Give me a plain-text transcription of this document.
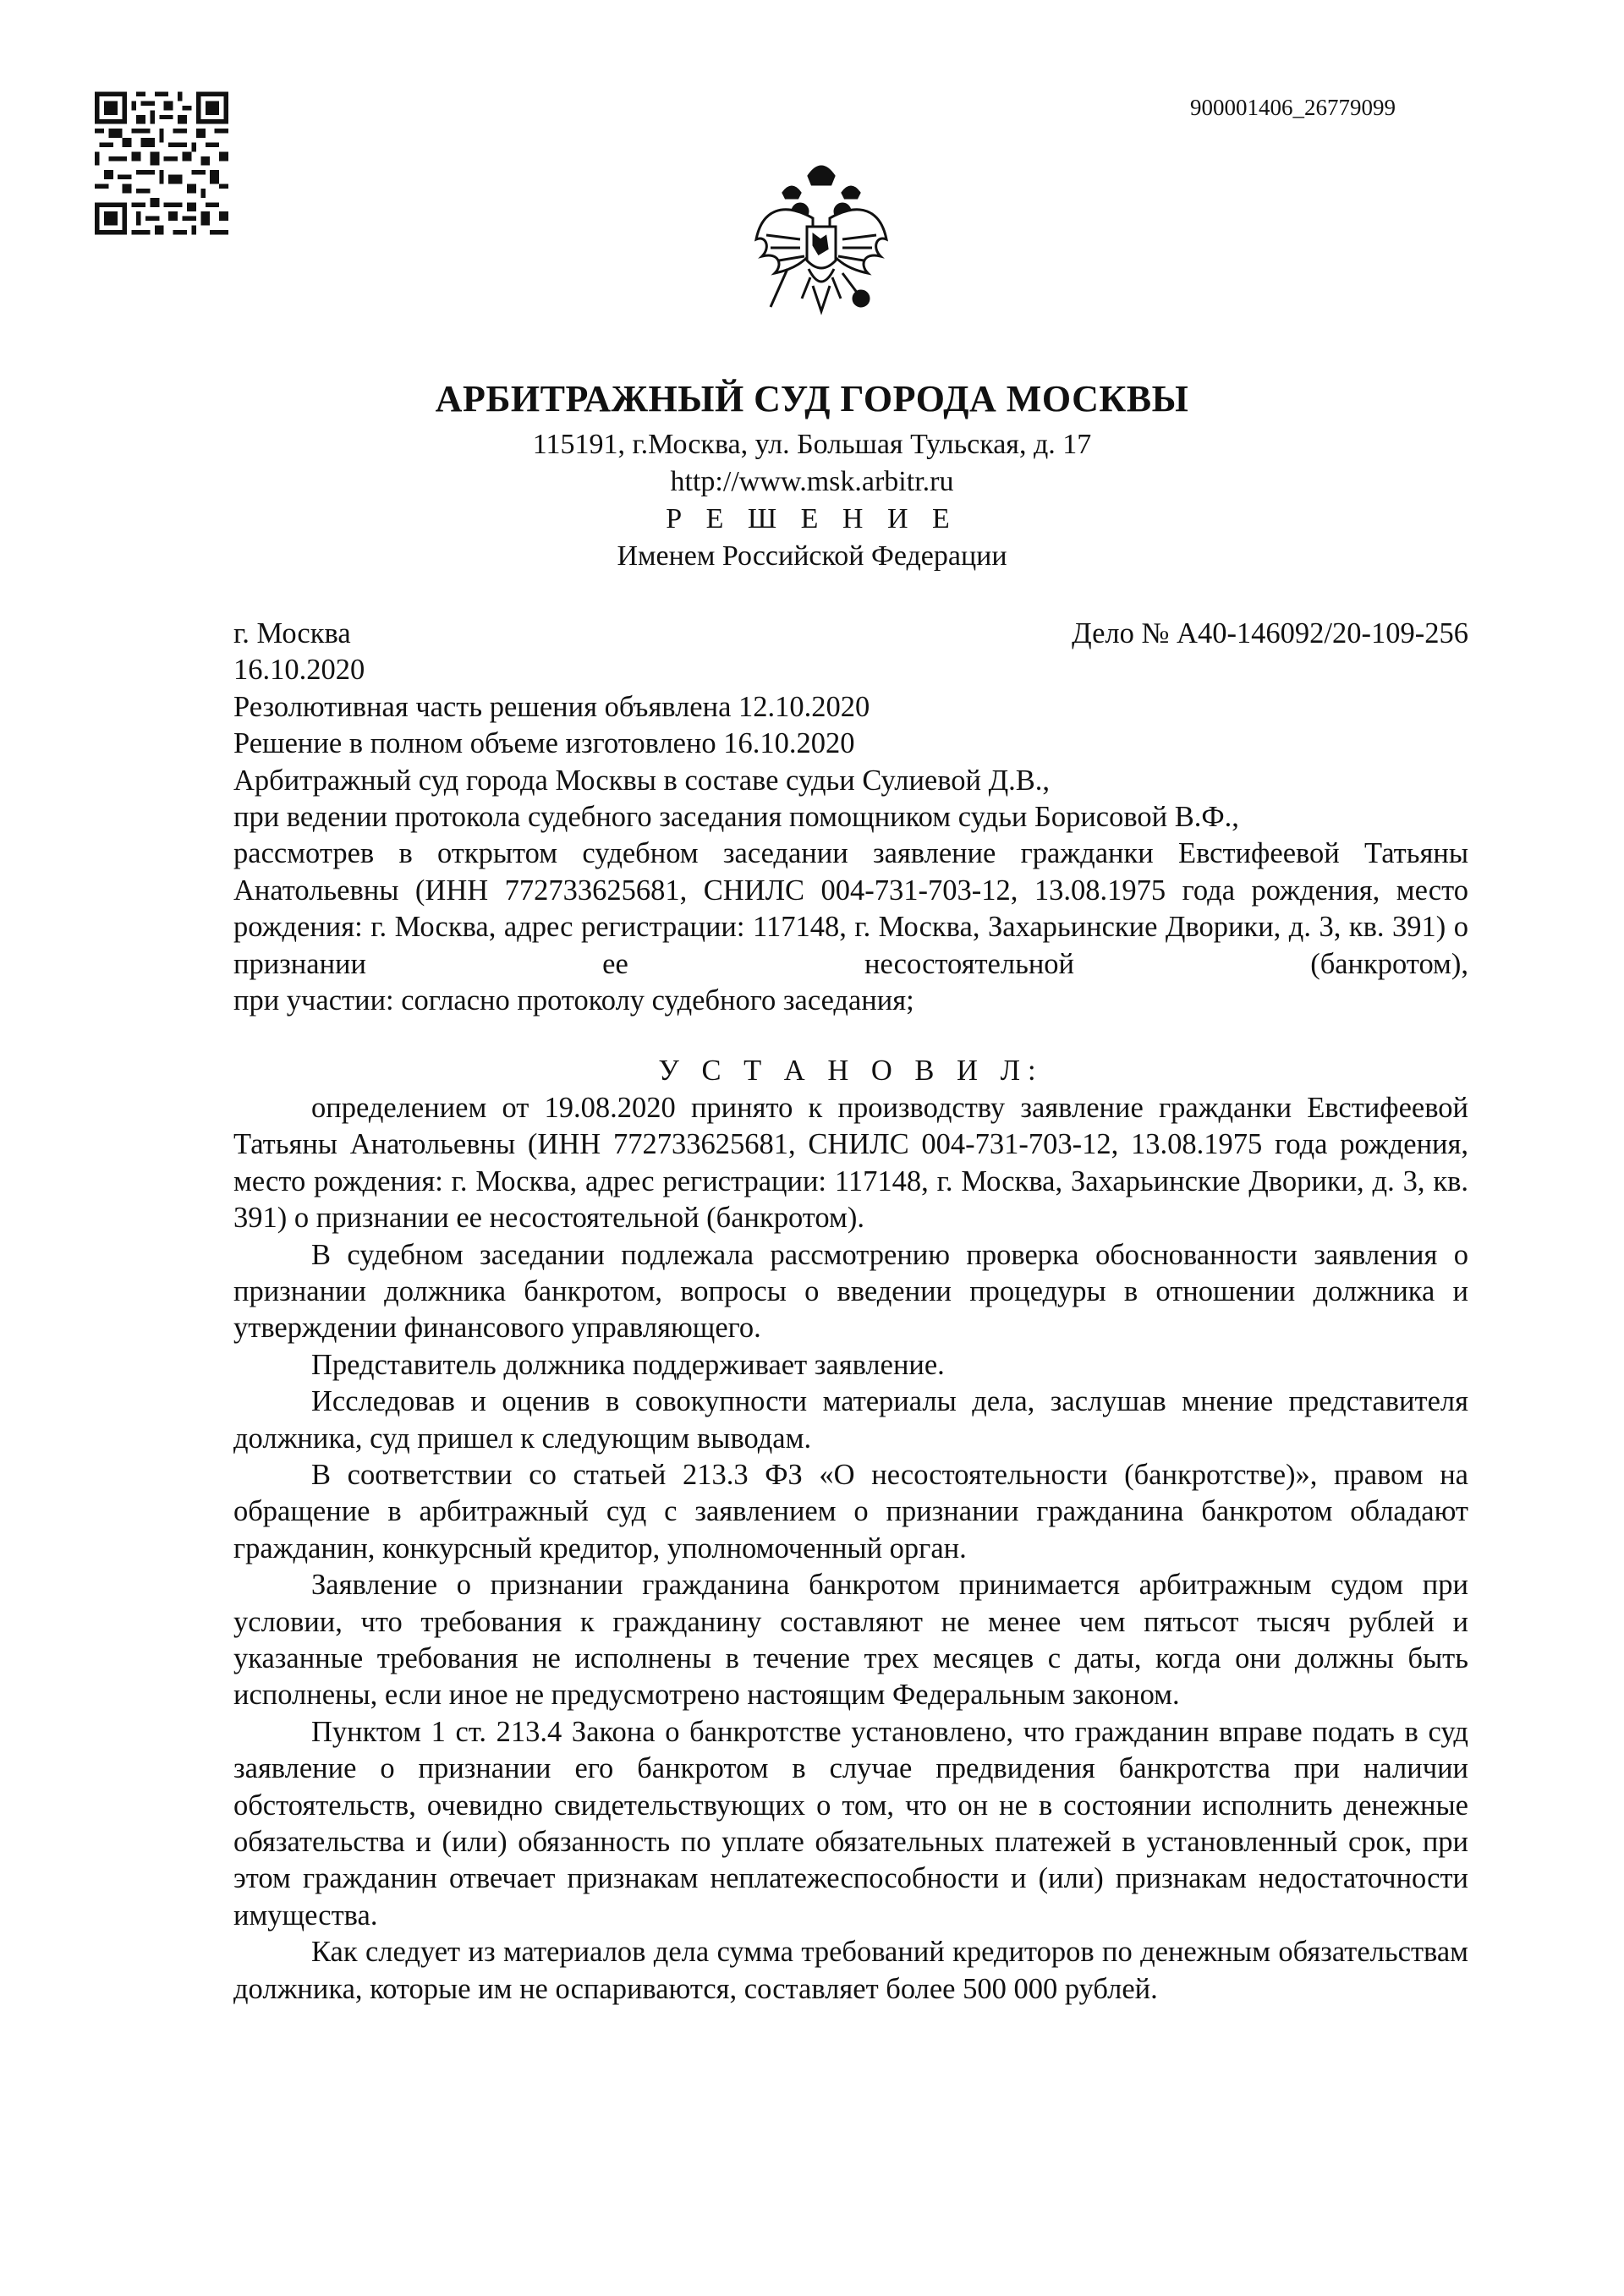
900001406_26779099
АРБИТРАЖНЫЙ СУД ГОРОДА МОСКВЫ
115191, г.Москва, ул. Большая Тульская, д. 17
http://www.msk.arbitr.ru
Р Е Ш Е Н И Е
Именем Российской Федерации
г. Москва	Дело № А40-146092/20-109-256
16.10.2020
Резолютивная часть решения объявлена 12.10.2020
Решение в полном объеме изготовлено 16.10.2020
Арбитражный суд города Москвы в составе судьи Сулиевой Д.В.,
при ведении протокола судебного заседания помощником судьи Борисовой В.Ф.,
рассмотрев в открытом судебном заседании заявление гражданки Евстифеевой Татьяны Анатольевны (ИНН 772733625681, СНИЛС 004-731-703-12, 13.08.1975 года рождения, место рождения: г. Москва, адрес регистрации: 117148, г. Москва, Захарьинские Дворики, д. 3, кв. 391) о признании ее несостоятельной (банкротом),
при участии: согласно протоколу судебного заседания;
У С Т А Н О В И Л:
определением от 19.08.2020 принято к производству заявление гражданки Евстифеевой Татьяны Анатольевны (ИНН 772733625681, СНИЛС 004-731-703-12, 13.08.1975 года рождения, место рождения: г. Москва, адрес регистрации: 117148, г. Москва, Захарьинские Дворики, д. 3, кв. 391) о признании ее несостоятельной (банкротом).
В судебном заседании подлежала рассмотрению проверка обоснованности заявления о признании должника банкротом, вопросы о введении процедуры в отношении должника и утверждении финансового управляющего.
Представитель должника поддерживает заявление.
Исследовав и оценив в совокупности материалы дела, заслушав мнение представителя должника, суд пришел к следующим выводам.
В соответствии со статьей 213.3 ФЗ «О несостоятельности (банкротстве)», правом на обращение в арбитражный суд с заявлением о признании гражданина банкротом обладают гражданин, конкурсный кредитор, уполномоченный орган.
Заявление о признании гражданина банкротом принимается арбитражным судом при условии, что требования к гражданину составляют не менее чем пятьсот тысяч рублей и указанные требования не исполнены в течение трех месяцев с даты, когда они должны быть исполнены, если иное не предусмотрено настоящим Федеральным законом.
Пунктом 1 ст. 213.4 Закона о банкротстве установлено, что гражданин вправе подать в суд заявление о признании его банкротом в случае предвидения банкротства при наличии обстоятельств, очевидно свидетельствующих о том, что он не в состоянии исполнить денежные обязательства и (или) обязанность по уплате обязательных платежей в установленный срок, при этом гражданин отвечает признакам неплатежеспособности и (или) признакам недостаточности имущества.
Как следует из материалов дела сумма требований кредиторов по денежным обязательствам должника, которые им не оспариваются, составляет более 500 000 рублей.
